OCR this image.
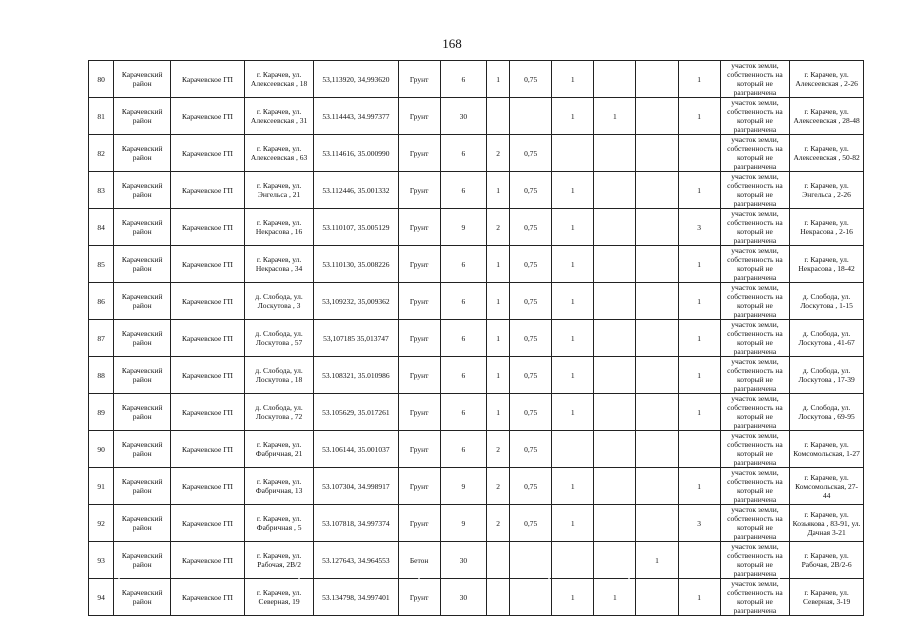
168
80	Карачевский район	Карачевское ГП	г. Карачев, ул. Алексеевская , 18	53,113920, 34,993620	Грунт	6	1	0,75	1			1	участок земли, собственность на который не разграничена	г. Карачев, ул. Алексеевская , 2-26
81	Карачевский район	Карачевское ГП	г. Карачев, ул. Алексеевская , 31	53.114443, 34.997377	Грунт	30			1	1		1	участок земли, собственность на который не разграничена	г. Карачев, ул. Алексеевская , 28-48
82	Карачевский район	Карачевское ГП	г. Карачев, ул. Алексеевская , 63	53.114616, 35.000990	Грунт	6	2	0,75					участок земли, собственность на который не разграничена	г. Карачев, ул. Алексеевская , 50-82
83	Карачевский район	Карачевское ГП	г. Карачев, ул. Энгельса , 21	53.112446, 35.001332	Грунт	6	1	0,75	1			1	участок земли, собственность на который не разграничена	г. Карачев, ул. Энгельса , 2-26
84	Карачевский район	Карачевское ГП	г. Карачев, ул. Некрасова , 16	53.110107, 35.005129	Грунт	9	2	0,75	1			3	участок земли, собственность на который не разграничена	г. Карачев, ул. Некрасова , 2-16
85	Карачевский район	Карачевское ГП	г. Карачев, ул. Некрасова , 34	53.110130, 35.008226	Грунт	6	1	0,75	1			1	участок земли, собственность на который не разграничена	г. Карачев, ул. Некрасова , 18-42
86	Карачевский район	Карачевское ГП	д. Слобода, ул. Лоскутова , 3	53,109232, 35,009362	Грунт	6	1	0,75	1			1	участок земли, собственность на который не разграничена	д. Слобода, ул. Лоскутова , 1-15
87	Карачевский район	Карачевское ГП	д. Слобода, ул. Лоскутова , 57	53,107185 35,013747	Грунт	6	1	0,75	1			1	участок земли, собственность на который не разграничена	д. Слобода, ул. Лоскутова , 41-67
88	Карачевский район	Карачевское ГП	д. Слобода, ул. Лоскутова , 18	53.108321, 35.010986	Грунт	6	1	0,75	1			1	участок земли, собственность на который не разграничена	д. Слобода, ул. Лоскутова , 17-39
89	Карачевский район	Карачевское ГП	д. Слобода, ул. Лоскутова , 72	53.105629, 35.017261	Грунт	6	1	0,75	1			1	участок земли, собственность на который не разграничена	д. Слобода, ул. Лоскутова , 69-95
90	Карачевский район	Карачевское ГП	г. Карачев, ул. Фабричная, 21	53.106144, 35.001037	Грунт	6	2	0,75					участок земли, собственность на который не разграничена	г. Карачев, ул. Комсомольская, 1-27
91	Карачевский район	Карачевское ГП	г. Карачев, ул. Фабричная, 13	53.107304, 34.998917	Грунт	9	2	0,75	1			1	участок земли, собственность на который не разграничена	г. Карачев, ул. Комсомольская, 27-44
92	Карачевский район	Карачевское ГП	г. Карачев, ул. Фабричная , 5	53.107818, 34.997374	Грунт	9	2	0,75	1			3	участок земли, собственность на который не разграничена	г. Карачев, ул. Козьякова , 83-91, ул. Дачная 3-21
93	Карачевский район	Карачевское ГП	г. Карачев, ул. Рабочая, 2В/2	53.127643, 34.964553	Бетон	30					1		участок земли, собственность на который не разграничена	г. Карачев, ул. Рабочая, 2В/2-6
94	Карачевский район	Карачевское ГП	г. Карачев, ул. Северная, 19	53.134798, 34.997401	Грунт	30			1	1		1	участок земли, собственность на который не разграничена	г. Карачев, ул. Северная, 3-19
